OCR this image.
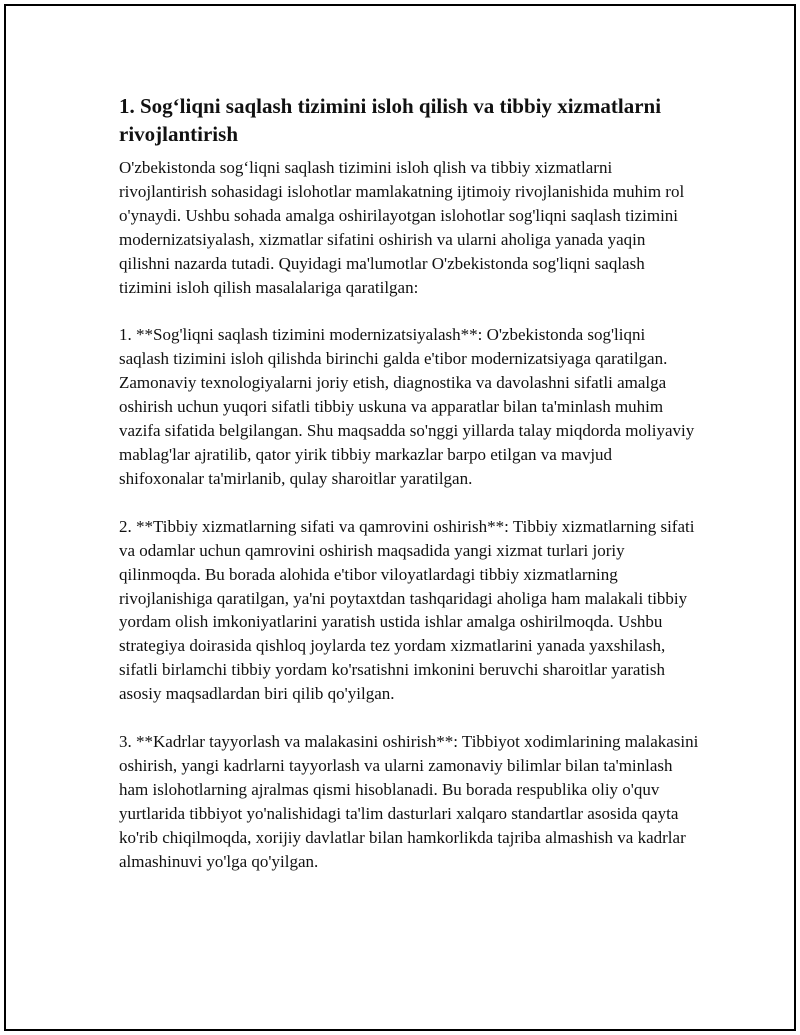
1. Sog‘liqni saqlash tizimini isloh qilish va tibbiy xizmatlarni rivojlantirish

O'zbekistonda sog‘liqni saqlash tizimini isloh qlish va tibbiy xizmatlarni rivojlantirish sohasidagi islohotlar mamlakatning ijtimoiy rivojlanishida muhim rol o'ynaydi. Ushbu sohada amalga oshirilayotgan islohotlar sog'liqni saqlash tizimini modernizatsiyalash, xizmatlar sifatini oshirish va ularni aholiga yanada yaqin qilishni nazarda tutadi. Quyidagi ma'lumotlar O'zbekistonda sog'liqni saqlash tizimini isloh qilish masalalariga qaratilgan:

1. **Sog'liqni saqlash tizimini modernizatsiyalash**: O'zbekistonda sog'liqni saqlash tizimini isloh qilishda birinchi galda e'tibor modernizatsiyaga qaratilgan. Zamonaviy texnologiyalarni joriy etish, diagnostika va davolashni sifatli amalga oshirish uchun yuqori sifatli tibbiy uskuna va apparatlar bilan ta'minlash muhim vazifa sifatida belgilangan. Shu maqsadda so'nggi yillarda talay miqdorda moliyaviy mablag'lar ajratilib, qator yirik tibbiy markazlar barpo etilgan va mavjud shifoxonalar ta'mirlanib, qulay sharoitlar yaratilgan.

2. **Tibbiy xizmatlarning sifati va qamrovini oshirish**: Tibbiy xizmatlarning sifati va odamlar uchun qamrovini oshirish maqsadida yangi xizmat turlari joriy qilinmoqda. Bu borada alohida e'tibor viloyatlardagi tibbiy xizmatlarning rivojlanishiga qaratilgan, ya'ni poytaxtdan tashqaridagi aholiga ham malakali tibbiy yordam olish imkoniyatlarini yaratish ustida ishlar amalga oshirilmoqda. Ushbu strategiya doirasida qishloq joylarda tez yordam xizmatlarini yanada yaxshilash, sifatli birlamchi tibbiy yordam ko'rsatishni imkonini beruvchi sharoitlar yaratish asosiy maqsadlardan biri qilib qo'yilgan.

3. **Kadrlar tayyorlash va malakasini oshirish**: Tibbiyot xodimlarining malakasini oshirish, yangi kadrlarni tayyorlash va ularni zamonaviy bilimlar bilan ta'minlash ham islohotlarning ajralmas qismi hisoblanadi. Bu borada respublika oliy o'quv yurtlarida tibbiyot yo'nalishidagi ta'lim dasturlari xalqaro standartlar asosida qayta ko'rib chiqilmoqda, xorijiy davlatlar bilan hamkorlikda tajriba almashish va kadrlar almashinuvi yo'lga qo'yilgan.
